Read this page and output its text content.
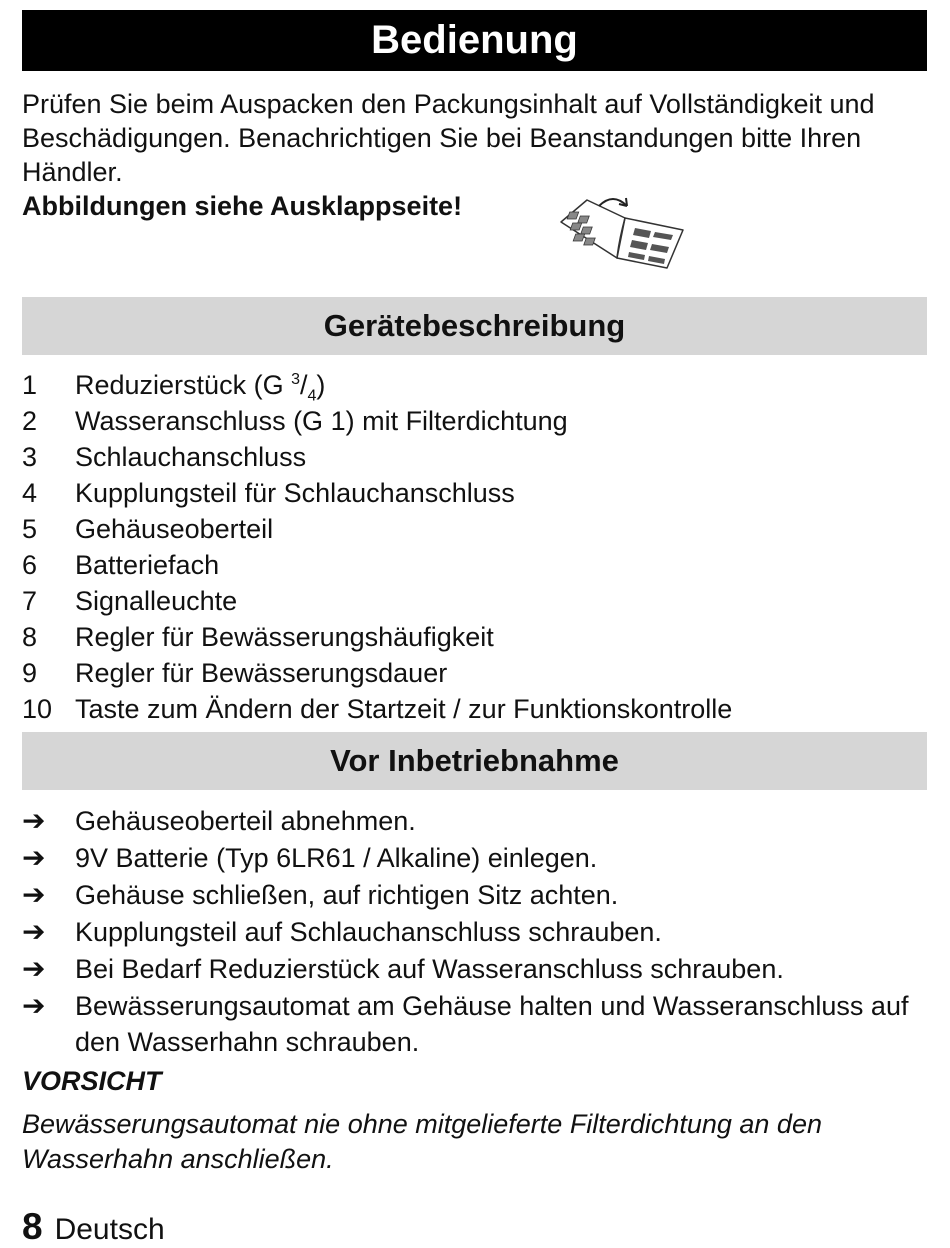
Bedienung
Prüfen Sie beim Auspacken den Packungsinhalt auf Vollständigkeit und Beschädigungen. Benachrichtigen Sie bei Beanstandungen bitte Ihren Händler.
Abbildungen siehe Ausklappseite!
Gerätebeschreibung
1	Reduzierstück (G $^3/_4$)
2	Wasseranschluss (G 1) mit Filterdichtung
3	Schlauchanschluss
4	Kupplungsteil für Schlauchanschluss
5	Gehäuseoberteil
6	Batteriefach
7	Signalleuchte
8	Regler für Bewässerungshäufigkeit
9	Regler für Bewässerungsdauer
10 Taste zum Ändern der Startzeit / zur Funktionskontrolle
Vor Inbetriebnahme
➔	Gehäuseoberteil abnehmen.
➔	9V Batterie (Typ 6LR61 / Alkaline) einlegen.
➔	Gehäuse schließen, auf richtigen Sitz achten.
➔	Kupplungsteil auf Schlauchanschluss schrauben.
➔	Bei Bedarf Reduzierstück auf Wasseranschluss schrauben.
➔	Bewässerungsautomat am Gehäuse halten und Wasseranschluss auf den Wasserhahn schrauben.
VORSICHT
Bewässerungsautomat nie ohne mitgelieferte Filterdichtung an den Wasserhahn anschließen.
8 Deutsch
